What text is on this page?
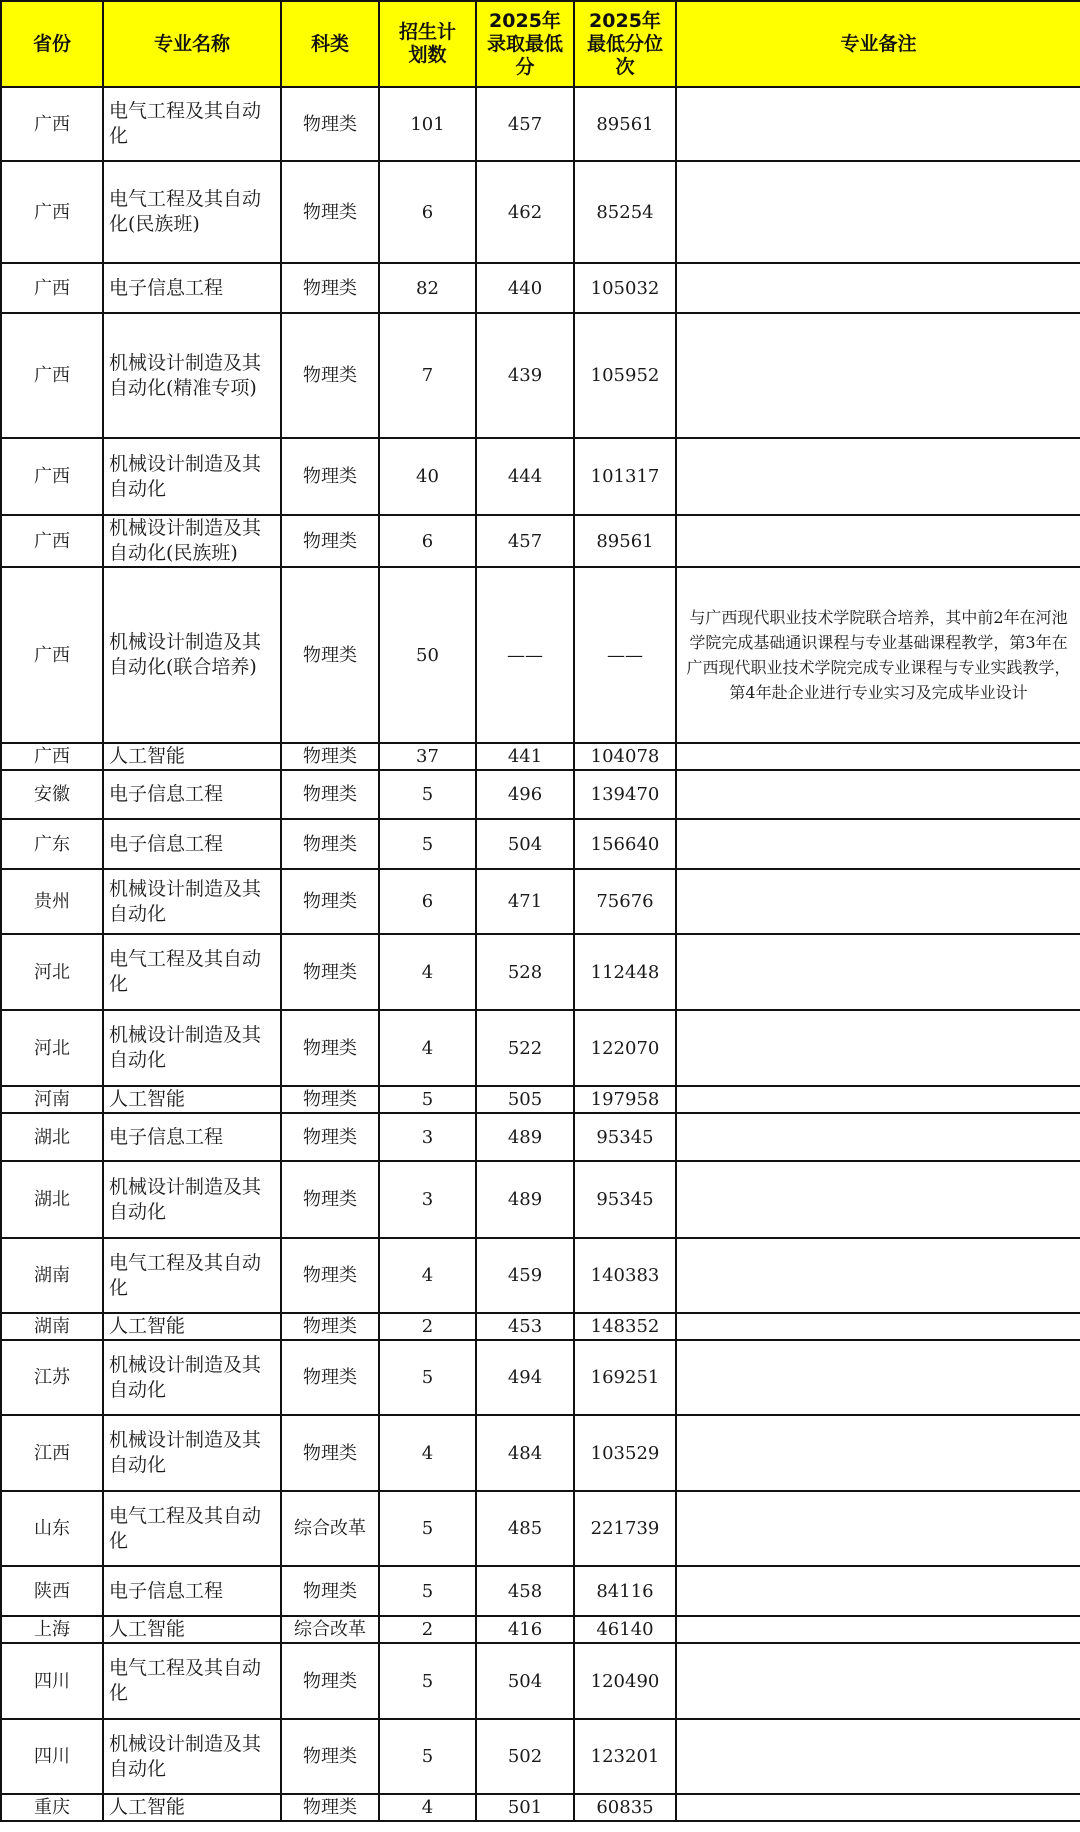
省份	专业名称	科类	招生计划数	2025年录取最低分	2025年最低分位次	专业备注
广西	电气工程及其自动化	物理类	101	457	89561	
广西	电气工程及其自动化(民族班)	物理类	6	462	85254	
广西	电子信息工程	物理类	82	440	105032	
广西	机械设计制造及其自动化(精准专项)	物理类	7	439	105952	
广西	机械设计制造及其自动化	物理类	40	444	101317	
广西	机械设计制造及其自动化(民族班)	物理类	6	457	89561	
广西	机械设计制造及其自动化(联合培养)	物理类	50	——	——	与广西现代职业技术学院联合培养，其中前2年在河池学院完成基础通识课程与专业基础课程教学，第3年在广西现代职业技术学院完成专业课程与专业实践教学，第4年赴企业进行专业实习及完成毕业设计
广西	人工智能	物理类	37	441	104078	
安徽	电子信息工程	物理类	5	496	139470	
广东	电子信息工程	物理类	5	504	156640	
贵州	机械设计制造及其自动化	物理类	6	471	75676	
河北	电气工程及其自动化	物理类	4	528	112448	
河北	机械设计制造及其自动化	物理类	4	522	122070	
河南	人工智能	物理类	5	505	197958	
湖北	电子信息工程	物理类	3	489	95345	
湖北	机械设计制造及其自动化	物理类	3	489	95345	
湖南	电气工程及其自动化	物理类	4	459	140383	
湖南	人工智能	物理类	2	453	148352	
江苏	机械设计制造及其自动化	物理类	5	494	169251	
江西	机械设计制造及其自动化	物理类	4	484	103529	
山东	电气工程及其自动化	综合改革	5	485	221739	
陕西	电子信息工程	物理类	5	458	84116	
上海	人工智能	综合改革	2	416	46140	
四川	电气工程及其自动化	物理类	5	504	120490	
四川	机械设计制造及其自动化	物理类	5	502	123201	
重庆	人工智能	物理类	4	501	60835	
